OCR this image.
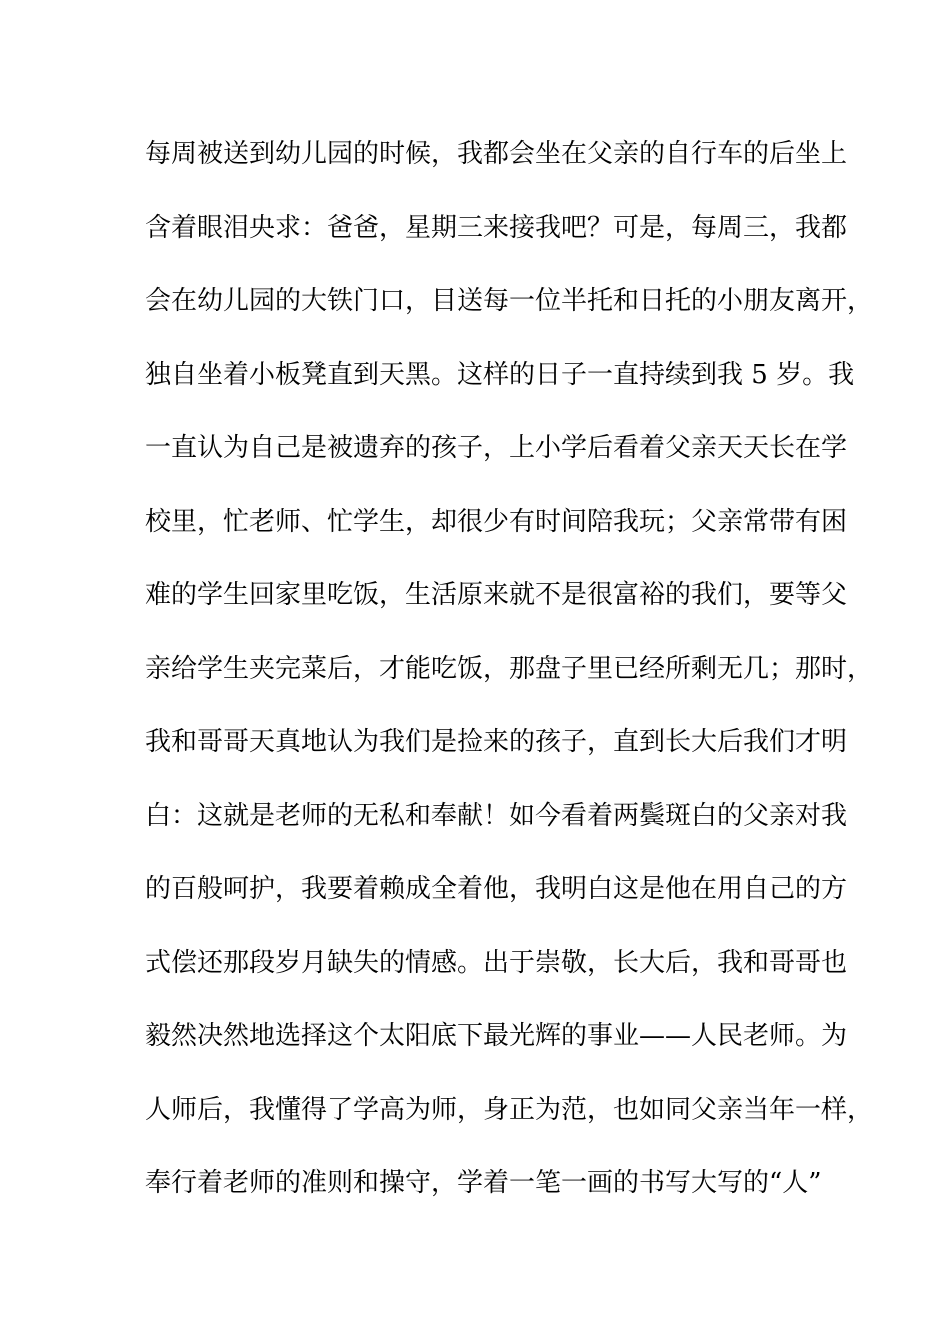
每周被送到幼儿园的时候，我都会坐在父亲的自行车的后坐上
含着眼泪央求：爸爸，星期三来接我吧？可是，每周三，我都
会在幼儿园的大铁门口，目送每一位半托和日托的小朋友离开，
独自坐着小板凳直到天黑。这样的日子一直持续到我 5 岁。我
一直认为自己是被遗弃的孩子，上小学后看着父亲天天长在学
校里，忙老师、忙学生，却很少有时间陪我玩；父亲常带有困
难的学生回家里吃饭，生活原来就不是很富裕的我们，要等父
亲给学生夹完菜后，才能吃饭，那盘子里已经所剩无几；那时，
我和哥哥天真地认为我们是捡来的孩子，直到长大后我们才明
白：这就是老师的无私和奉献！如今看着两鬓斑白的父亲对我
的百般呵护，我要着赖成全着他，我明白这是他在用自己的方
式偿还那段岁月缺失的情感。出于崇敬，长大后，我和哥哥也
毅然决然地选择这个太阳底下最光辉的事业——人民老师。为
人师后，我懂得了学高为师，身正为范，也如同父亲当年一样，
奉行着老师的准则和操守，学着一笔一画的书写大写的“人”
